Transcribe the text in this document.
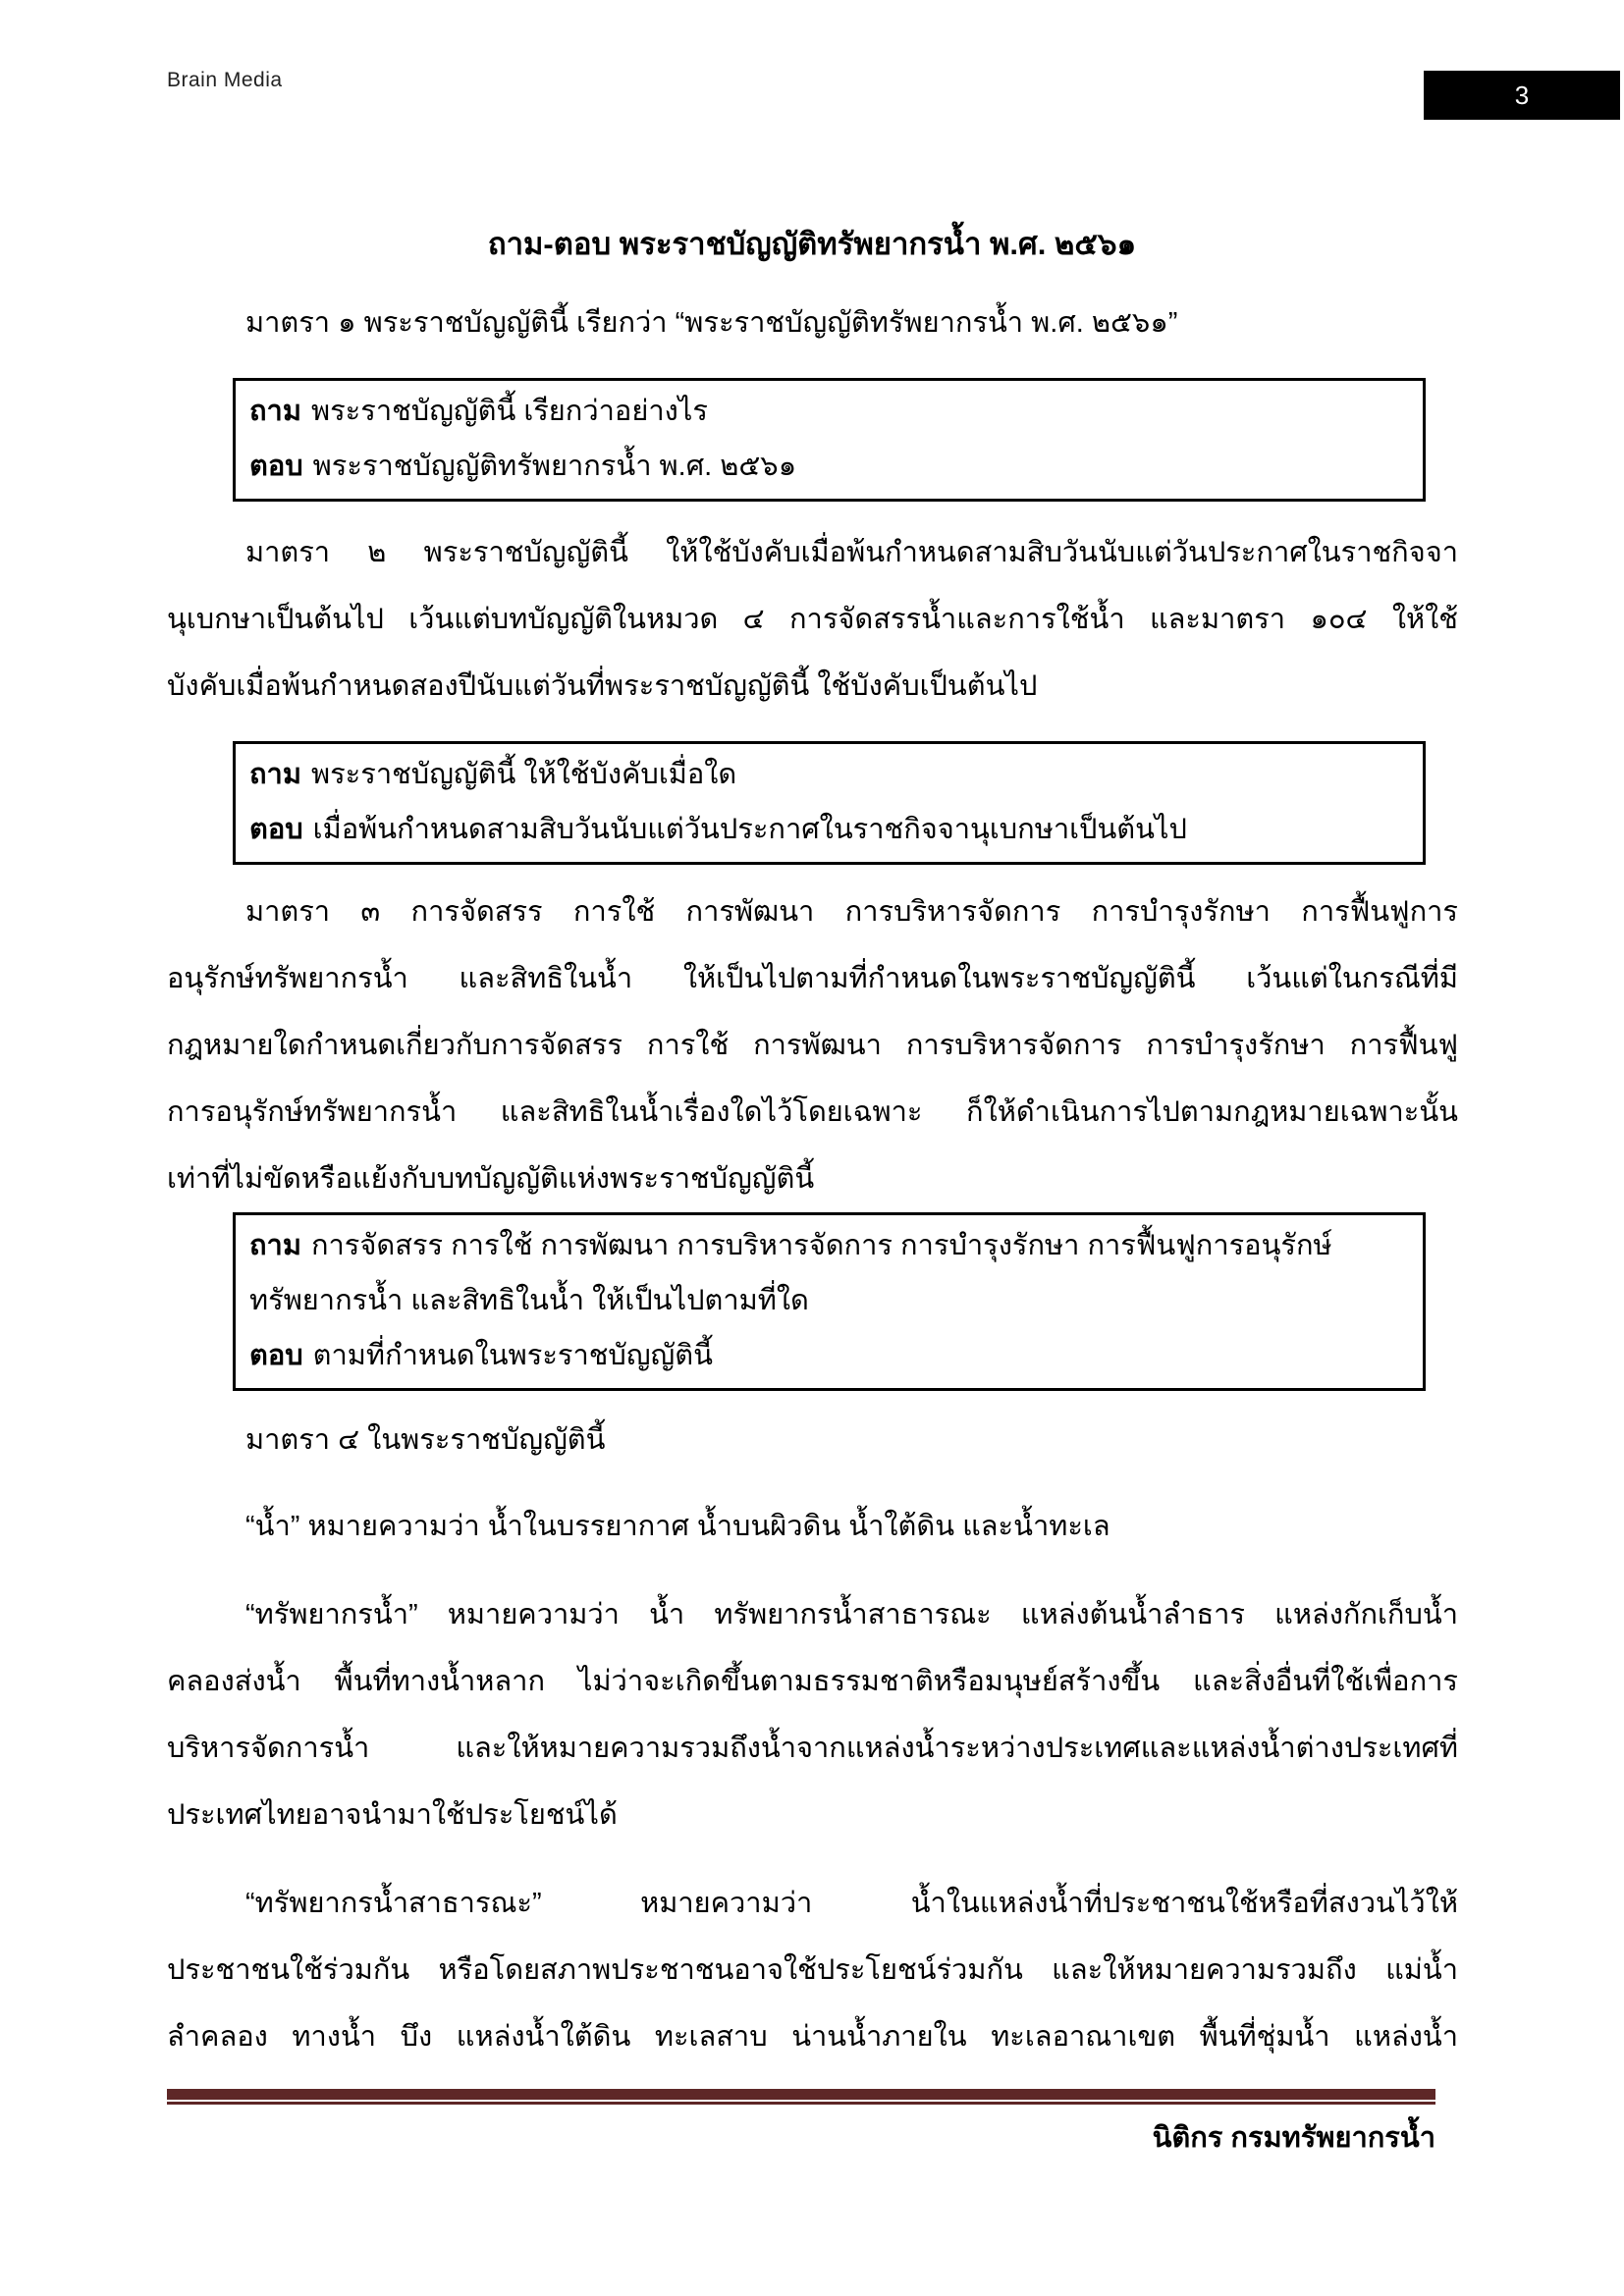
Brain Media	3
ถาม-ตอบ พระราชบัญญัติทรัพยากรน้ำ พ.ศ. ๒๕๖๑
มาตรา ๑ พระราชบัญญัตินี้ เรียกว่า “พระราชบัญญัติทรัพยากรน้ำ พ.ศ. ๒๕๖๑”
ถาม พระราชบัญญัตินี้ เรียกว่าอย่างไร
ตอบ พระราชบัญญัติทรัพยากรน้ำ พ.ศ. ๒๕๖๑
มาตรา ๒ พระราชบัญญัตินี้ ให้ใช้บังคับเมื่อพ้นกำหนดสามสิบวันนับแต่วันประกาศในราชกิจจา
นุเบกษาเป็นต้นไป เว้นแต่บทบัญญัติในหมวด ๔ การจัดสรรน้ำและการใช้น้ำ และมาตรา ๑๐๔ ให้ใช้
บังคับเมื่อพ้นกำหนดสองปีนับแต่วันที่พระราชบัญญัตินี้ ใช้บังคับเป็นต้นไป
ถาม พระราชบัญญัตินี้ ให้ใช้บังคับเมื่อใด
ตอบ เมื่อพ้นกำหนดสามสิบวันนับแต่วันประกาศในราชกิจจานุเบกษาเป็นต้นไป
มาตรา ๓ การจัดสรร การใช้ การพัฒนา การบริหารจัดการ การบำรุงรักษา การฟื้นฟูการ
อนุรักษ์ทรัพยากรน้ำ และสิทธิในน้ำ ให้เป็นไปตามที่กำหนดในพระราชบัญญัตินี้ เว้นแต่ในกรณีที่มี
กฎหมายใดกำหนดเกี่ยวกับการจัดสรร การใช้ การพัฒนา การบริหารจัดการ การบำรุงรักษา การฟื้นฟู
การอนุรักษ์ทรัพยากรน้ำ และสิทธิในน้ำเรื่องใดไว้โดยเฉพาะ ก็ให้ดำเนินการไปตามกฎหมายเฉพาะนั้น
เท่าที่ไม่ขัดหรือแย้งกับบทบัญญัติแห่งพระราชบัญญัตินี้
ถาม การจัดสรร การใช้ การพัฒนา การบริหารจัดการ การบำรุงรักษา การฟื้นฟูการอนุรักษ์
ทรัพยากรน้ำ และสิทธิในน้ำ ให้เป็นไปตามที่ใด
ตอบ ตามที่กำหนดในพระราชบัญญัตินี้
มาตรา ๔ ในพระราชบัญญัตินี้
“น้ำ” หมายความว่า น้ำในบรรยากาศ น้ำบนผิวดิน น้ำใต้ดิน และน้ำทะเล
“ทรัพยากรน้ำ” หมายความว่า น้ำ ทรัพยากรน้ำสาธารณะ แหล่งต้นน้ำลำธาร แหล่งกักเก็บน้ำ
คลองส่งน้ำ พื้นที่ทางน้ำหลาก ไม่ว่าจะเกิดขึ้นตามธรรมชาติหรือมนุษย์สร้างขึ้น และสิ่งอื่นที่ใช้เพื่อการ
บริหารจัดการน้ำ และให้หมายความรวมถึงน้ำจากแหล่งน้ำระหว่างประเทศและแหล่งน้ำต่างประเทศที่
ประเทศไทยอาจนำมาใช้ประโยชน์ได้
“ทรัพยากรน้ำสาธารณะ” หมายความว่า น้ำในแหล่งน้ำที่ประชาชนใช้หรือที่สงวนไว้ให้
ประชาชนใช้ร่วมกัน หรือโดยสภาพประชาชนอาจใช้ประโยชน์ร่วมกัน และให้หมายความรวมถึง แม่น้ำ
ลำคลอง ทางน้ำ บึง แหล่งน้ำใต้ดิน ทะเลสาบ น่านน้ำภายใน ทะเลอาณาเขต พื้นที่ชุ่มน้ำ แหล่งน้ำ
นิติกร กรมทรัพยากรน้ำ
